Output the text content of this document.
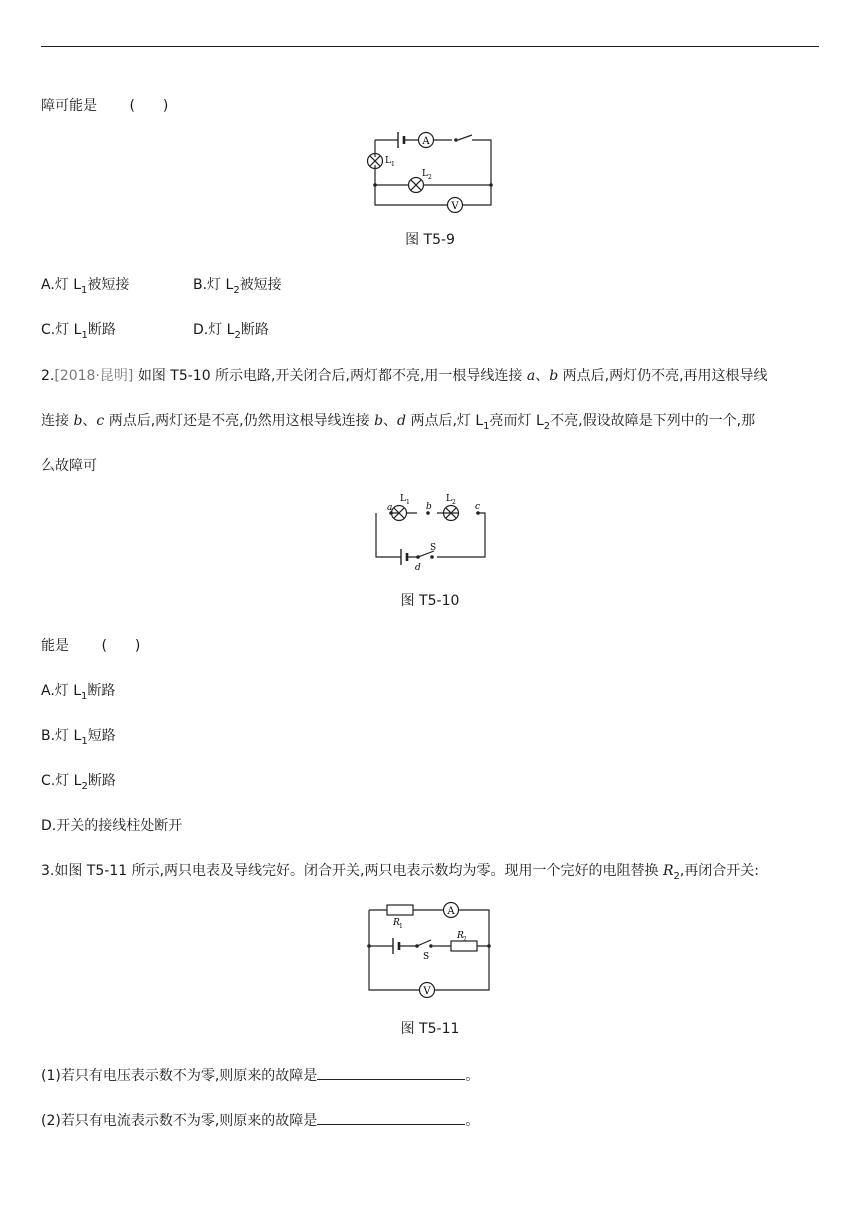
障可能是 (　　)
A
L 1
L 2
V
图 T5-9
A.灯 $L_1$被短接	B.灯 $L_2$被短接
C.灯 $L_1$断路	D.灯 $L_2$断路
2.[2018·昆明] 如图 T5-10 所示电路,开关闭合后,两灯都不亮,用一根导线连接 a、b 两点后,两灯仍不亮,再用这根导线
连接 b、c 两点后,两灯还是不亮,仍然用这根导线连接 b、d 两点后,灯 $L_1$亮而灯 $L_2$不亮,假设故障是下列中的一个,那
么故障可
a	b	c
d
S
L 1	L 2
图 T5-10
能是 (　　)
A.灯 $L_1$断路
B.灯 $L_1$短路
C.灯 $L_2$断路
D.开关的接线柱处断开
3.如图 T5-11 所示,两只电表及导线完好。闭合开关,两只电表示数均为零。现用一个完好的电阻替换 $R_2$,再闭合开关:
R 1
A
S
R 2
V
图 T5-11
(1)若只有电压表示数不为零,则原来的故障是	。
(2)若只有电流表示数不为零,则原来的故障是	。
